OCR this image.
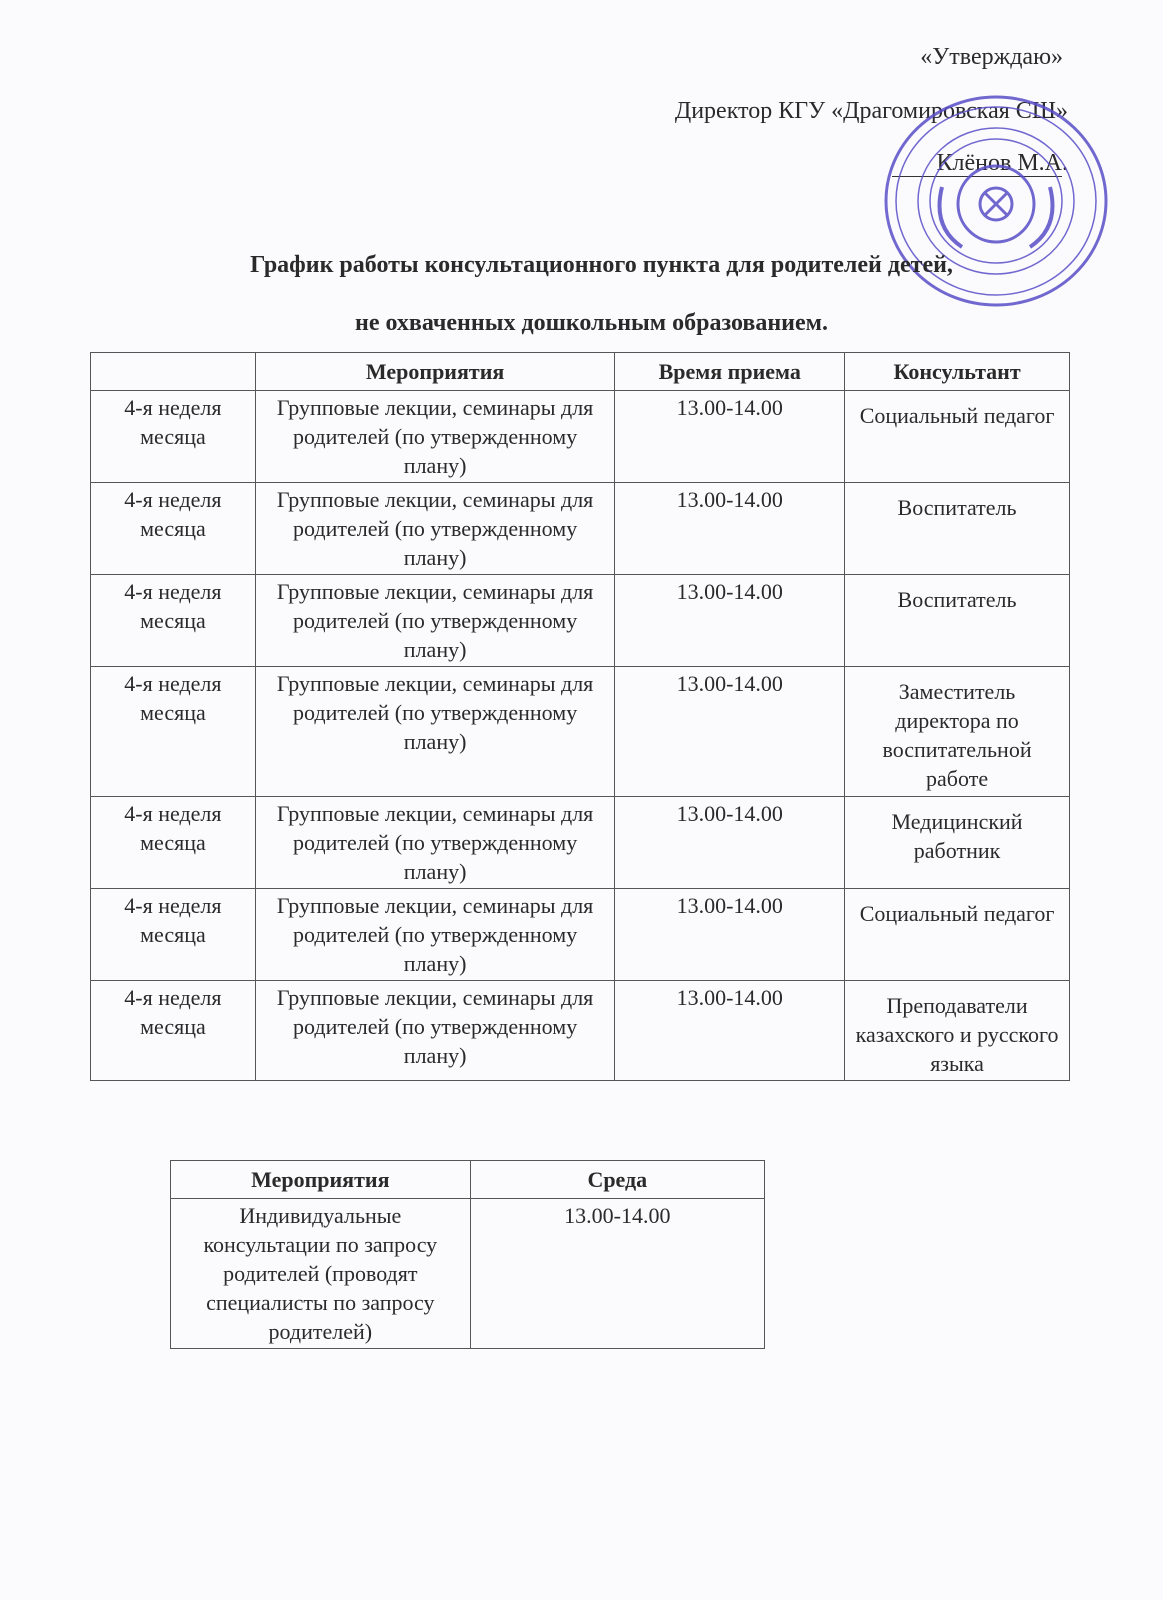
«Утверждаю»
Директор КГУ «Драгомировская СШ»
Клёнов М.А.
График работы консультационного пункта для родителей детей,
не охваченных дошкольным образованием.
	Мероприятия	Время приема	Консультант
4-я неделя месяца	Групповые лекции, семинары для родителей (по утвержденному плану)	13.00-14.00	Социальный педагог
4-я неделя месяца	Групповые лекции, семинары для родителей (по утвержденному плану)	13.00-14.00	Воспитатель
4-я неделя месяца	Групповые лекции, семинары для родителей (по утвержденному плану)	13.00-14.00	Воспитатель
4-я неделя месяца	Групповые лекции, семинары для родителей (по утвержденному плану)	13.00-14.00	Заместитель директора по воспитательной работе
4-я неделя месяца	Групповые лекции, семинары для родителей (по утвержденному плану)	13.00-14.00	Медицинский работник
4-я неделя месяца	Групповые лекции, семинары для родителей (по утвержденному плану)	13.00-14.00	Социальный педагог
4-я неделя месяца	Групповые лекции, семинары для родителей (по утвержденному плану)	13.00-14.00	Преподаватели казахского и русского языка
Мероприятия	Среда
Индивидуальные консультации по запросу родителей (проводят специалисты по запросу родителей)	13.00-14.00
